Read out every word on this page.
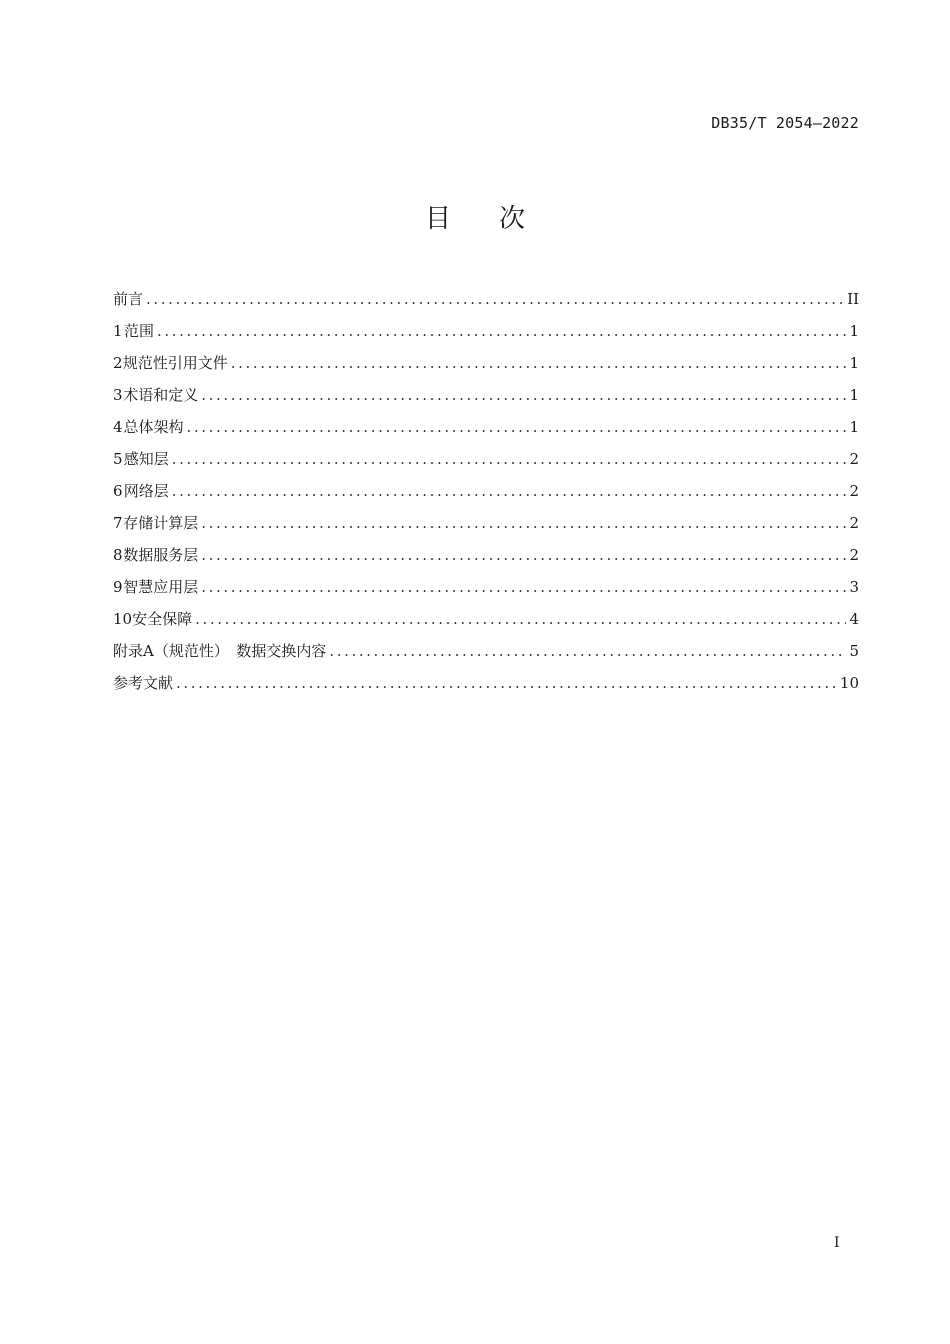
DB35/T 2054—2022
目次
前言 .....	II
1 范围 .....	1
2 规范性引用文件 .....	1
3 术语和定义 .....	1
4 总体架构 .....	1
5 感知层 .....	2
6 网络层 .....	2
7 存储计算层 .....	2
8 数据服务层 .....	2
9 智慧应用层 .....	3
10 安全保障 .....	4
附录A（规范性）　数据交换内容 .....	5
参考文献 .....	10
I
